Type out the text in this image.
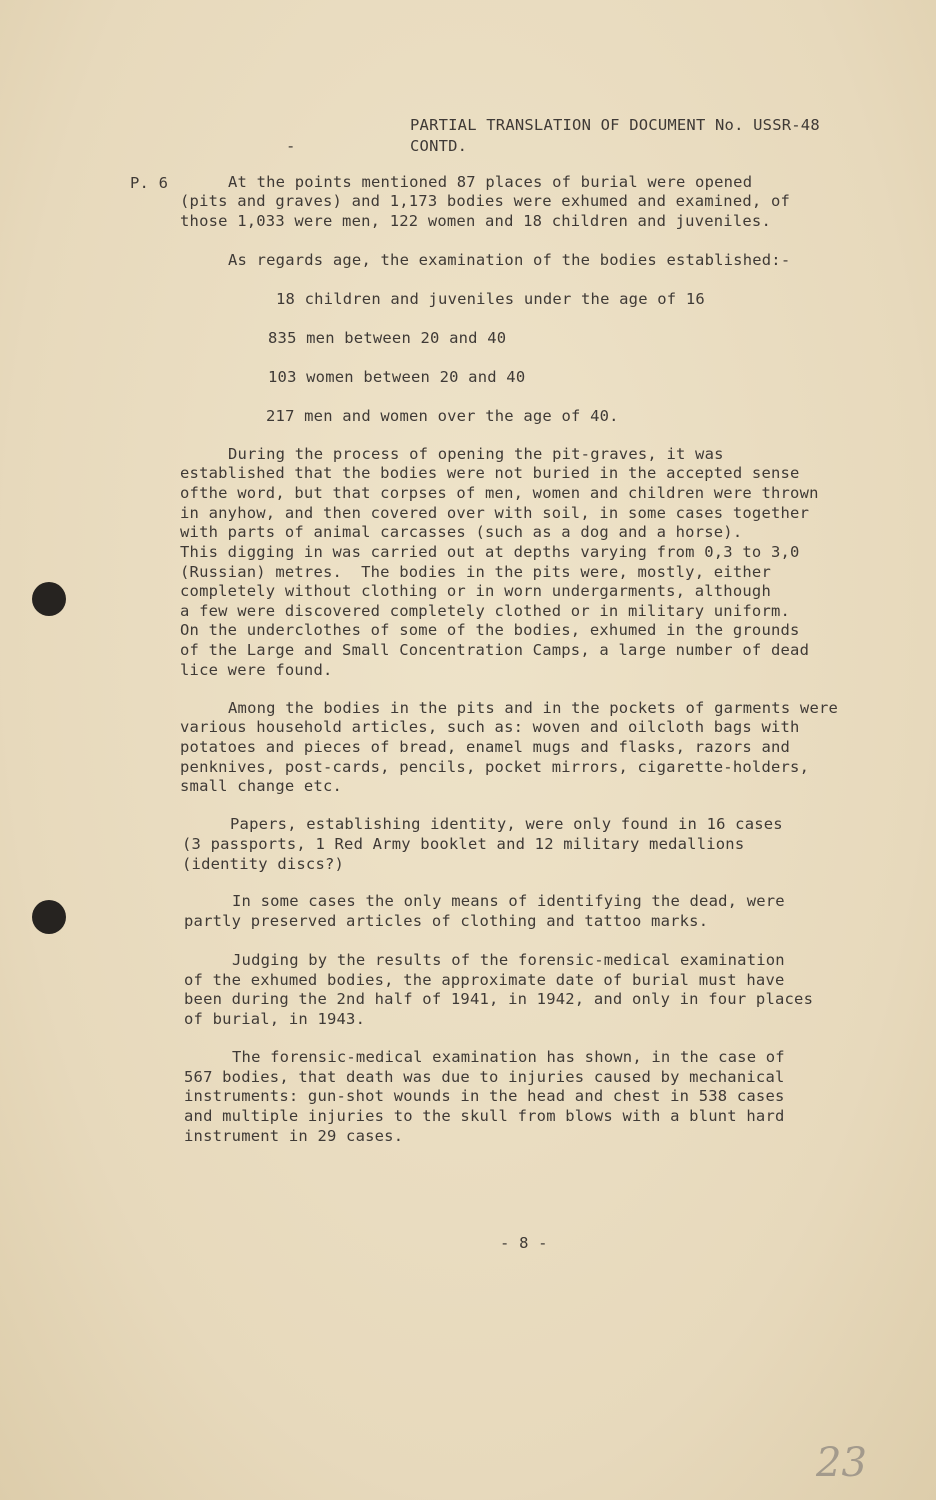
PARTIAL TRANSLATION OF DOCUMENT No. USSR-48
-	CONTD.
P. 6	At the points mentioned 87 places of burial were opened
(pits and graves) and 1,173 bodies were exhumed and examined, of
those 1,033 were men, 122 women and 18 children and juveniles.
As regards age, the examination of the bodies established:-
18 children and juveniles under the age of 16
835 men between 20 and 40
103 women between 20 and 40
217 men and women over the age of 40.
During the process of opening the pit-graves, it was
established that the bodies were not buried in the accepted sense
ofthe word, but that corpses of men, women and children were thrown
in anyhow, and then covered over with soil, in some cases together
with parts of animal carcasses (such as a dog and a horse).
This digging in was carried out at depths varying from 0,3 to 3,0
(Russian) metres.  The bodies in the pits were, mostly, either
completely without clothing or in worn undergarments, although
a few were discovered completely clothed or in military uniform.
On the underclothes of some of the bodies, exhumed in the grounds
of the Large and Small Concentration Camps, a large number of dead
lice were found.
Among the bodies in the pits and in the pockets of garments were
various household articles, such as: woven and oilcloth bags with
potatoes and pieces of bread, enamel mugs and flasks, razors and
penknives, post-cards, pencils, pocket mirrors, cigarette-holders,
small change etc.
Papers, establishing identity, were only found in 16 cases
(3 passports, 1 Red Army booklet and 12 military medallions
(identity discs?)
In some cases the only means of identifying the dead, were
partly preserved articles of clothing and tattoo marks.
Judging by the results of the forensic-medical examination
of the exhumed bodies, the approximate date of burial must have
been during the 2nd half of 1941, in 1942, and only in four places
of burial, in 1943.
The forensic-medical examination has shown, in the case of
567 bodies, that death was due to injuries caused by mechanical
instruments: gun-shot wounds in the head and chest in 538 cases
and multiple injuries to the skull from blows with a blunt hard
instrument in 29 cases.
- 8 -
23
